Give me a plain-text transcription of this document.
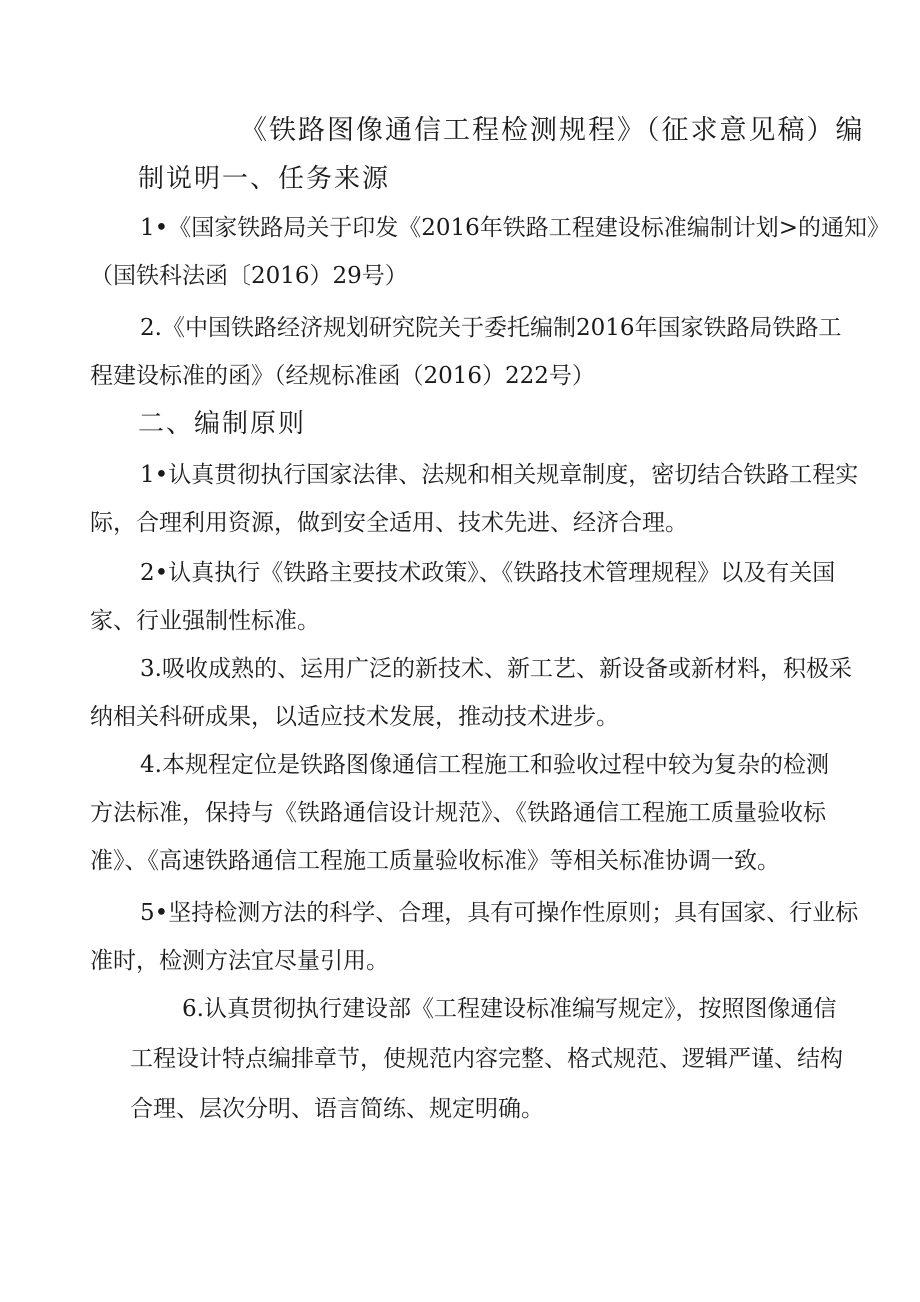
《铁路图像通信工程检测规程》（征求意见稿）编
制说明一、任务来源
1•《国家铁路局关于印发《2016年铁路工程建设标准编制计划>的通知》
（国铁科法函〔2016）29号）
2.《中国铁路经济规划研究院关于委托编制2016年国家铁路局铁路工
程建设标准的函》（经规标准函（2016）222号）
二、编制原则
1•认真贯彻执行国家法律、法规和相关规章制度，密切结合铁路工程实
际，合理利用资源，做到安全适用、技术先进、经济合理。
2•认真执行《铁路主要技术政策》、《铁路技术管理规程》以及有关国
家、行业强制性标准。
3.吸收成熟的、运用广泛的新技术、新工艺、新设备或新材料，积极采
纳相关科研成果，以适应技术发展，推动技术进步。
4.本规程定位是铁路图像通信工程施工和验收过程中较为复杂的检测
方法标准，保持与《铁路通信设计规范》、《铁路通信工程施工质量验收标
准》、《高速铁路通信工程施工质量验收标准》等相关标准协调一致。
5•坚持检测方法的科学、合理，具有可操作性原则；具有国家、行业标
准时，检测方法宜尽量引用。
6.认真贯彻执行建设部《工程建设标准编写规定》，按照图像通信
工程设计特点编排章节，使规范内容完整、格式规范、逻辑严谨、结构
合理、层次分明、语言简练、规定明确。
